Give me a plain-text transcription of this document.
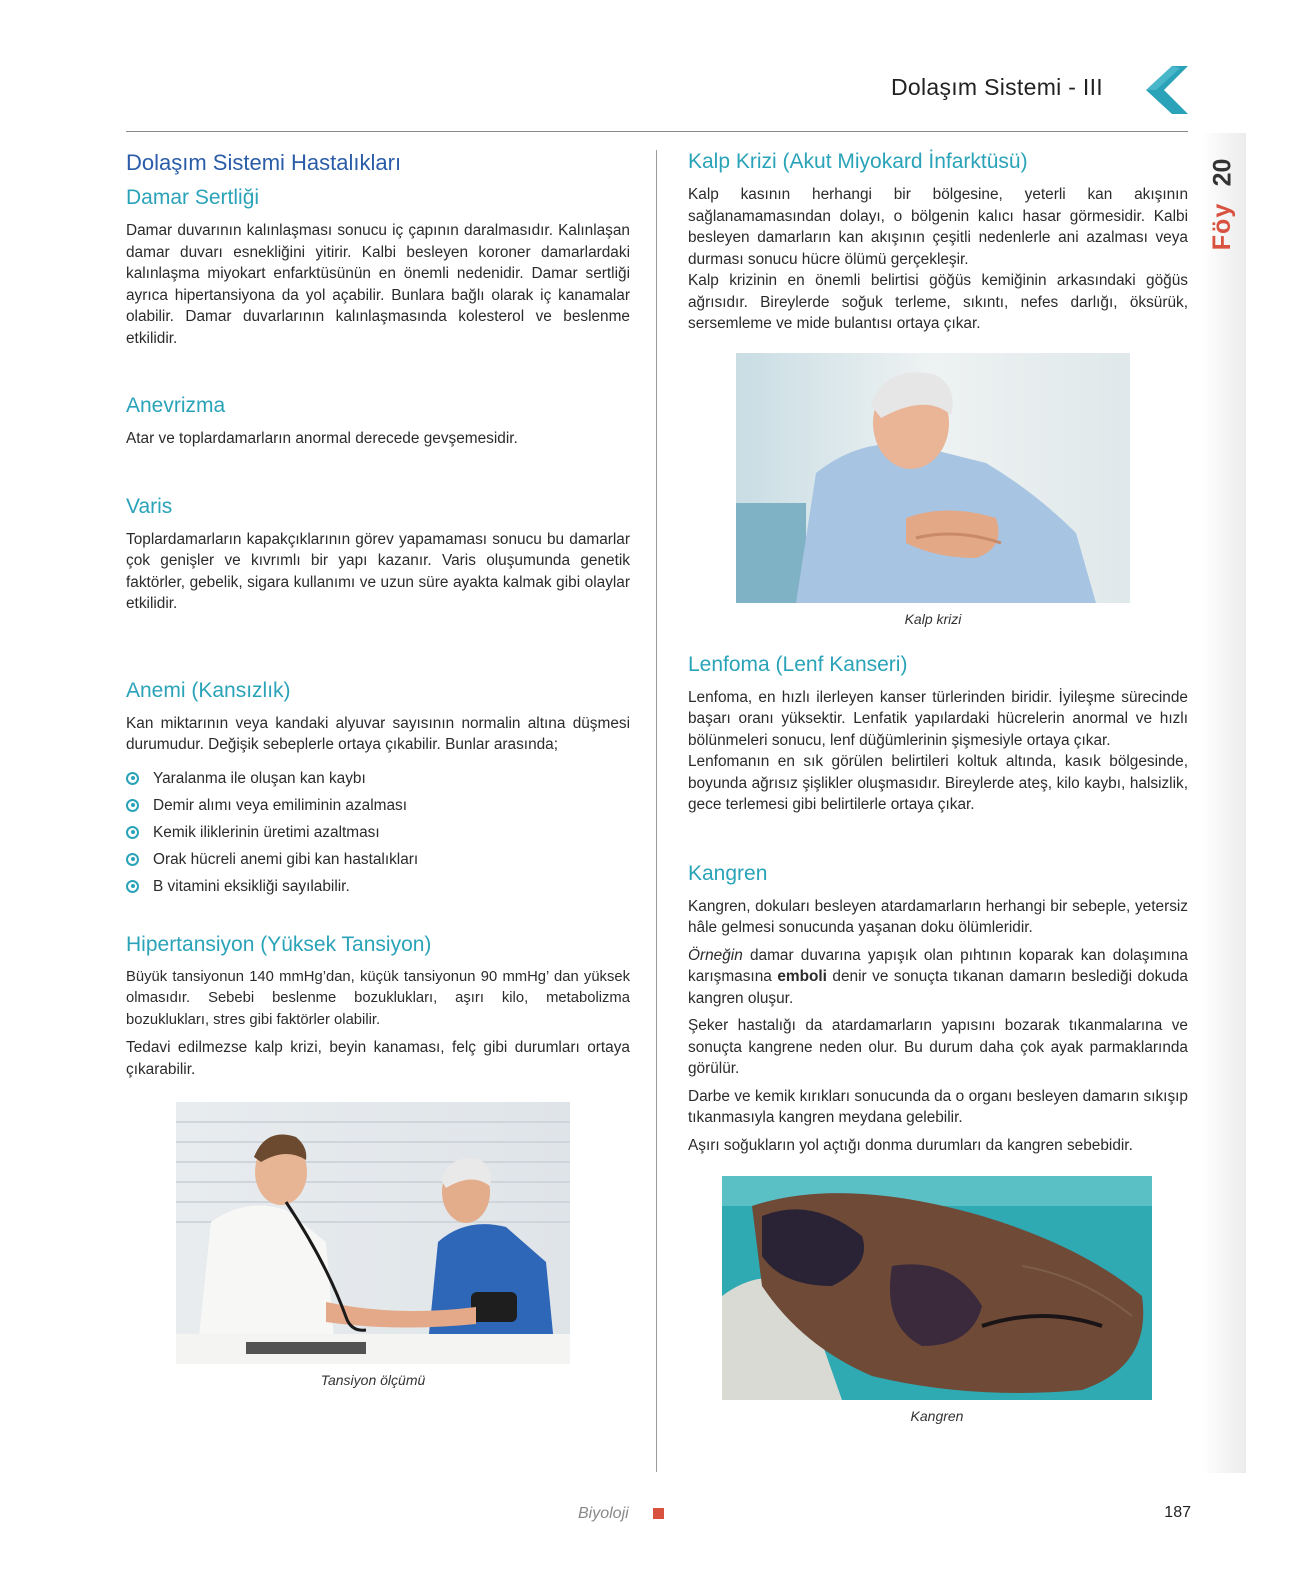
Dolaşım Sistemi - III
20
Föy
Dolaşım Sistemi Hastalıkları
Damar Sertliği

Damar duvarının kalınlaşması sonucu iç çapının daralmasıdır. Kalınlaşan damar duvarı esnekliğini yitirir. Kalbi besleyen koroner damarlardaki kalınlaşma miyokart enfarktüsünün en önemli nedenidir. Damar sertliği ayrıca hipertansiyona da yol açabilir. Bunlara bağlı olarak iç kanamalar olabilir. Damar duvarlarının kalınlaşmasında kolesterol ve beslenme etkilidir.

Anevrizma

Atar ve toplardamarların anormal derecede gevşemesidir.

Varis

Toplardamarların kapakçıklarının görev yapamaması sonucu bu damarlar çok genişler ve kıvrımlı bir yapı kazanır. Varis oluşumunda genetik faktörler, gebelik, sigara kullanımı ve uzun süre ayakta kalmak gibi olaylar etkilidir.

Anemi (Kansızlık)

Kan miktarının veya kandaki alyuvar sayısının normalin altına düşmesi durumudur. Değişik sebeplerle ortaya çıkabilir. Bunlar arasında;

Yaralanma ile oluşan kan kaybı
Demir alımı veya emiliminin azalması
Kemik iliklerinin üretimi azaltması
Orak hücreli anemi gibi kan hastalıkları
B vitamini eksikliği sayılabilir.
Hipertansiyon (Yüksek Tansiyon)

Büyük tansiyonun 140 mmHg’dan, küçük tansiyonun 90 mmHg’ dan yüksek olmasıdır. Sebebi beslenme bozuklukları, aşırı kilo, metabolizma bozuklukları, stres gibi faktörler olabilir.

Tedavi edilmezse kalp krizi, beyin kanaması, felç gibi durumları ortaya çıkarabilir.

Tansiyon ölçümü
Kalp Krizi (Akut Miyokard İnfarktüsü)

Kalp kasının herhangi bir bölgesine, yeterli kan akışının sağlanamamasından dolayı, o bölgenin kalıcı hasar görmesidir. Kalbi besleyen damarların kan akışının çeşitli nedenlerle ani azalması veya durması sonucu hücre ölümü gerçekleşir.

Kalp krizinin en önemli belirtisi göğüs kemiğinin arkasındaki göğüs ağrısıdır. Bireylerde soğuk terleme, sıkıntı, nefes darlığı, öksürük, sersemleme ve mide bulantısı ortaya çıkar.

Kalp krizi
Lenfoma (Lenf Kanseri)

Lenfoma, en hızlı ilerleyen kanser türlerinden biridir. İyileşme sürecinde başarı oranı yüksektir. Lenfatik yapılardaki hücrelerin anormal ve hızlı bölünmeleri sonucu, lenf düğümlerinin şişmesiyle ortaya çıkar.

Lenfomanın en sık görülen belirtileri koltuk altında, kasık bölgesinde, boyunda ağrısız şişlikler oluşmasıdır. Bireylerde ateş, kilo kaybı, halsizlik, gece terlemesi gibi belirtilerle ortaya çıkar.

Kangren

Kangren, dokuları besleyen atardamarların herhangi bir sebeple, yetersiz hâle gelmesi sonucunda yaşanan doku ölümleridir.

Örneğin damar duvarına yapışık olan pıhtının koparak kan dolaşımına karışmasına emboli denir ve sonuçta tıkanan damarın beslediği dokuda kangren oluşur.

Şeker hastalığı da atardamarların yapısını bozarak tıkanmalarına ve sonuçta kangrene neden olur. Bu durum daha çok ayak parmaklarında görülür.

Darbe ve kemik kırıkları sonucunda da o organı besleyen damarın sıkışıp tıkanmasıyla kangren meydana gelebilir.

Aşırı soğukların yol açtığı donma durumları da kangren sebebidir.

Kangren
Biyoloji	187
